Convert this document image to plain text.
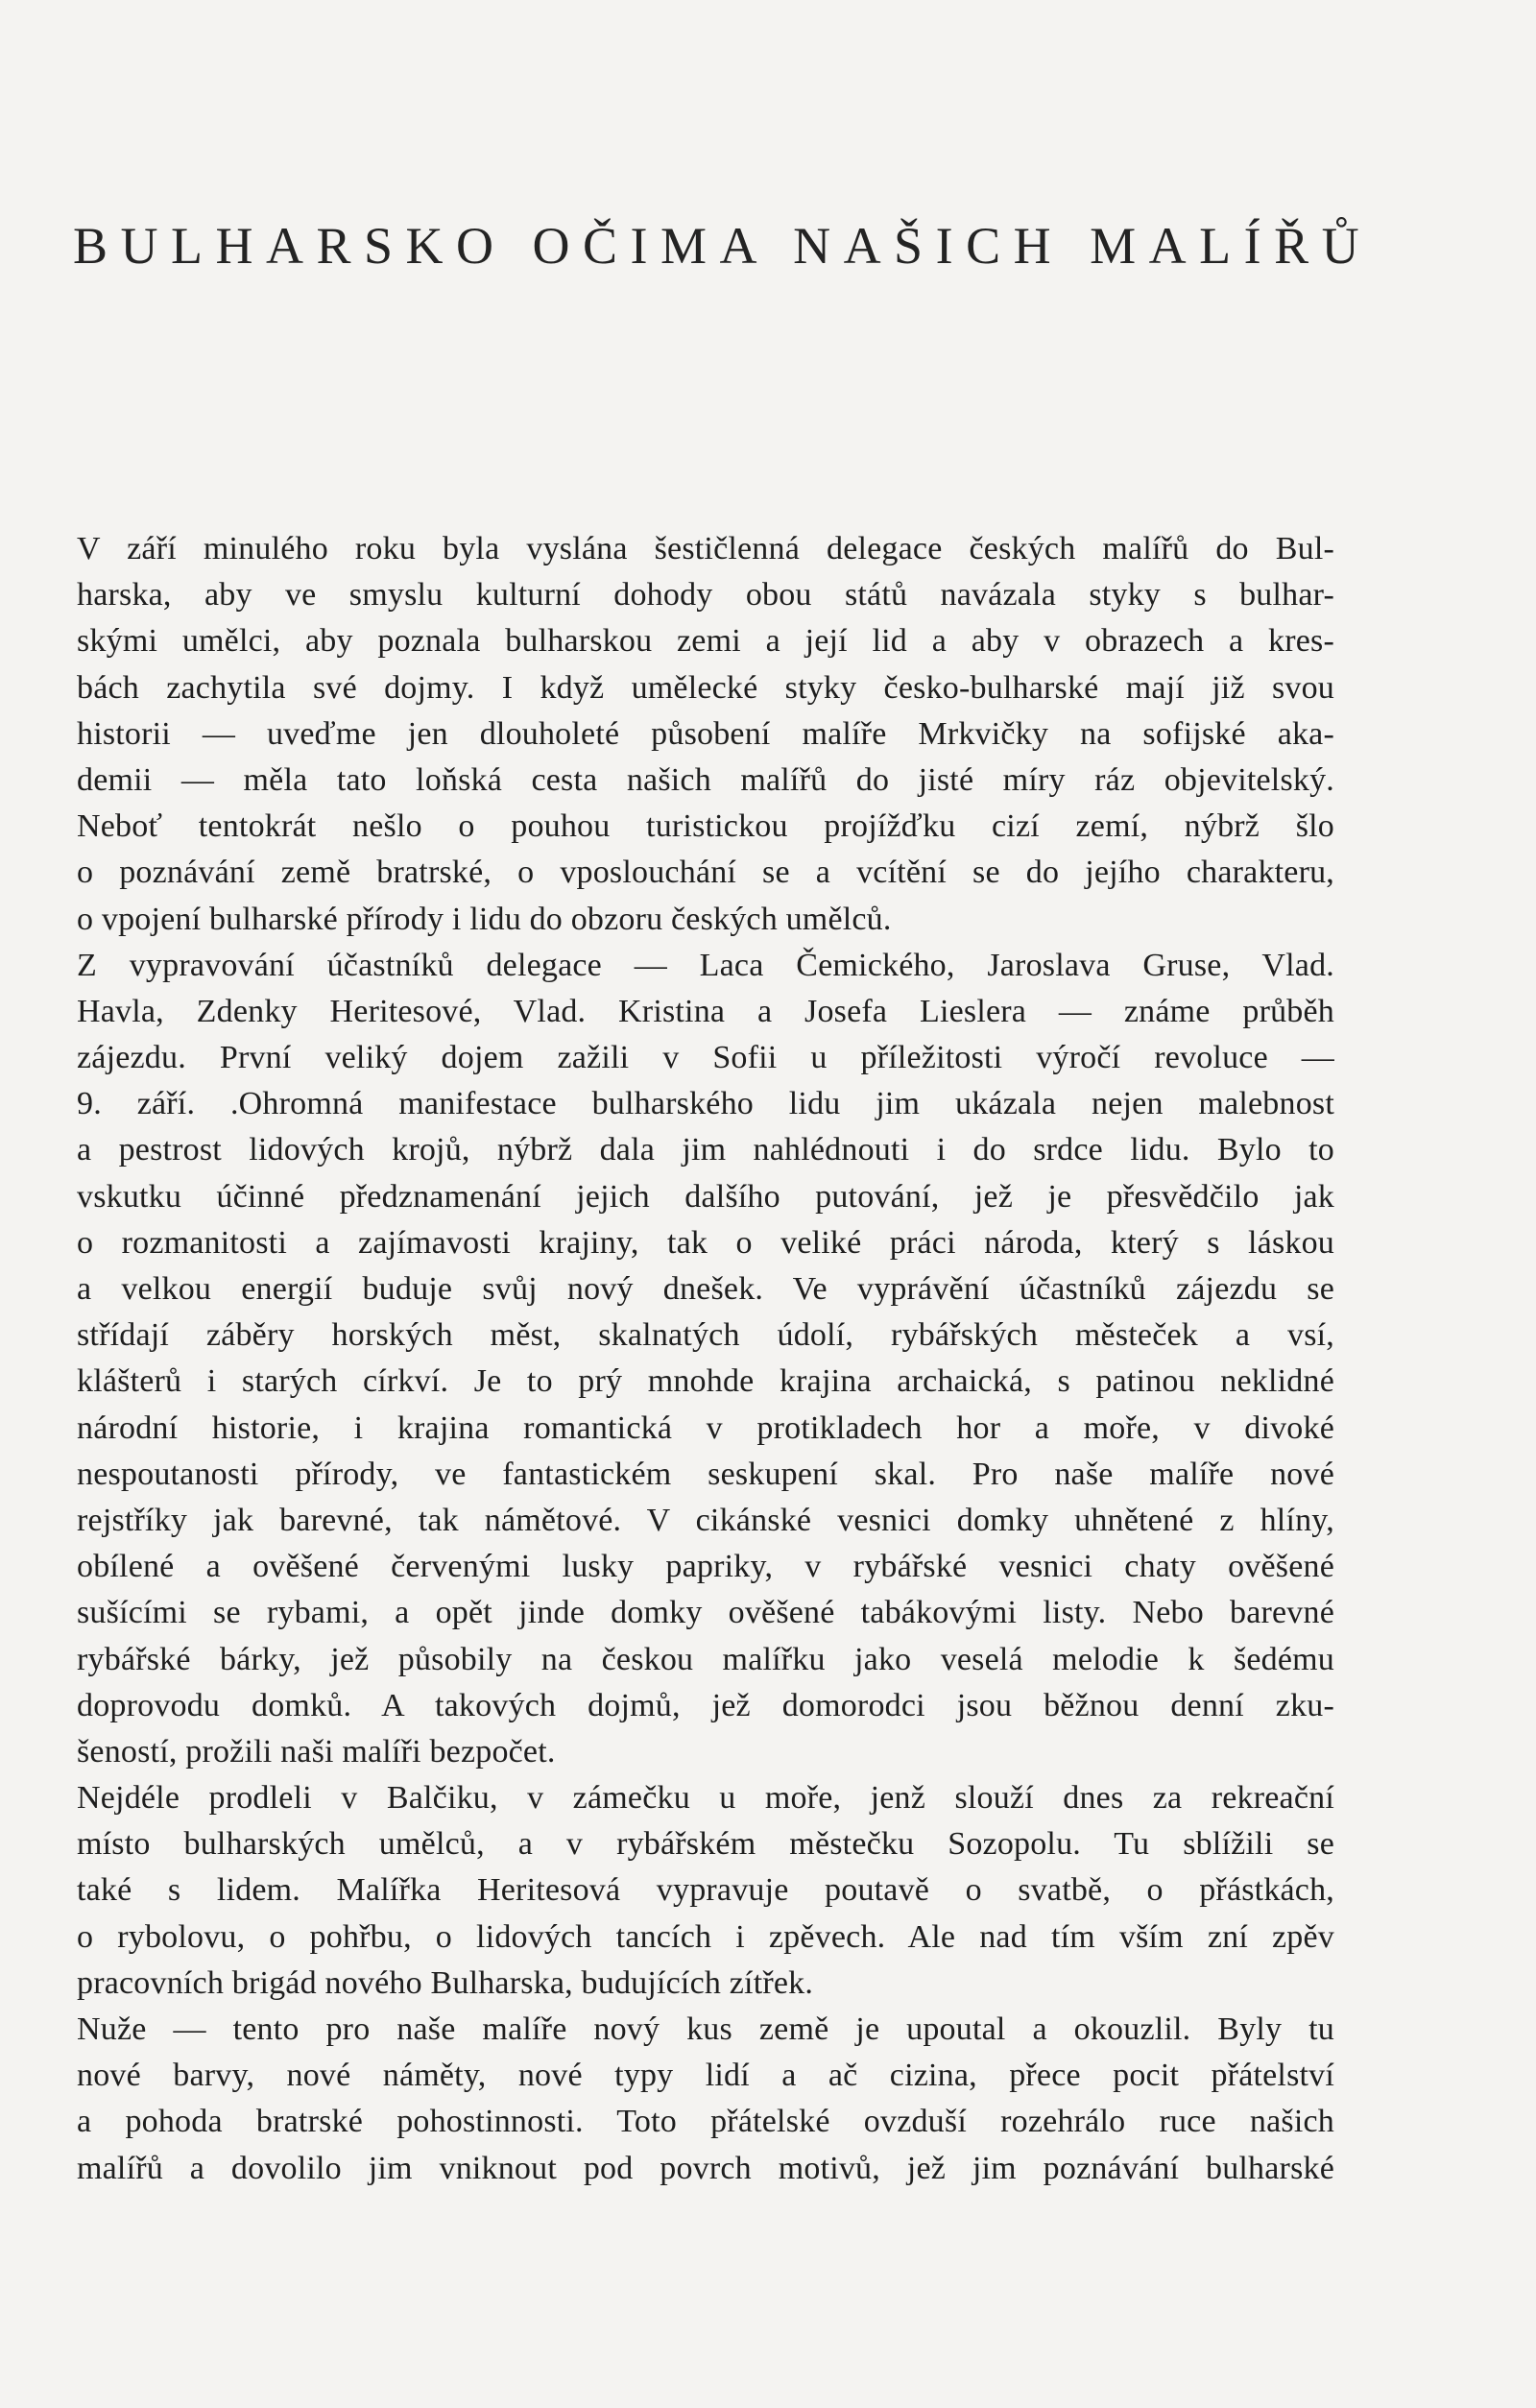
BULHARSKO OČIMA NAŠICH MALÍŘŮ
V září minulého roku byla vyslána šestičlenná delegace českých malířů do Bul-
harska, aby ve smyslu kulturní dohody obou států navázala styky s bulhar-
skými umělci, aby poznala bulharskou zemi a její lid a aby v obrazech a kres-
bách zachytila své dojmy. I když umělecké styky česko-bulharské mají již svou
historii — uveďme jen dlouholeté působení malíře Mrkvičky na sofijské aka-
demii — měla tato loňská cesta našich malířů do jisté míry ráz objevitelský.
Neboť tentokrát nešlo o pouhou turistickou projížďku cizí zemí, nýbrž šlo
o poznávání země bratrské, o vposlouchání se a vcítění se do jejího charakteru,
o vpojení bulharské přírody i lidu do obzoru českých umělců.
Z vypravování účastníků delegace — Laca Čemického, Jaroslava Gruse, Vlad.
Havla, Zdenky Heritesové, Vlad. Kristina a Josefa Lieslera — známe průběh
zájezdu. První veliký dojem zažili v Sofii u příležitosti výročí revoluce —
9. září. .Ohromná manifestace bulharského lidu jim ukázala nejen malebnost
a pestrost lidových krojů, nýbrž dala jim nahlédnouti i do srdce lidu. Bylo to
vskutku účinné předznamenání jejich dalšího putování, jež je přesvědčilo jak
o rozmanitosti a zajímavosti krajiny, tak o veliké práci národa, který s láskou
a velkou energií buduje svůj nový dnešek. Ve vyprávění účastníků zájezdu se
střídají záběry horských měst, skalnatých údolí, rybářských městeček a vsí,
klášterů i starých církví. Je to prý mnohde krajina archaická, s patinou neklidné
národní historie, i krajina romantická v protikladech hor a moře, v divoké
nespoutanosti přírody, ve fantastickém seskupení skal. Pro naše malíře nové
rejstříky jak barevné, tak námětové. V cikánské vesnici domky uhnětené z hlíny,
obílené a ověšené červenými lusky papriky, v rybářské vesnici chaty ověšené
sušícími se rybami, a opět jinde domky ověšené tabákovými listy. Nebo barevné
rybářské bárky, jež působily na českou malířku jako veselá melodie k šedému
doprovodu domků. A takových dojmů, jež domorodci jsou běžnou denní zku-
šeností, prožili naši malíři bezpočet.
Nejdéle prodleli v Balčiku, v zámečku u moře, jenž slouží dnes za rekreační
místo bulharských umělců, a v rybářském městečku Sozopolu. Tu sblížili se
také s lidem. Malířka Heritesová vypravuje poutavě o svatbě, o přástkách,
o rybolovu, o pohřbu, o lidových tancích i zpěvech. Ale nad tím vším zní zpěv
pracovních brigád nového Bulharska, budujících zítřek.
Nuže — tento pro naše malíře nový kus země je upoutal a okouzlil. Byly tu
nové barvy, nové náměty, nové typy lidí a ač cizina, přece pocit přátelství
a pohoda bratrské pohostinnosti. Toto přátelské ovzduší rozehrálo ruce našich
malířů a dovolilo jim vniknout pod povrch motivů, jež jim poznávání bulharské
